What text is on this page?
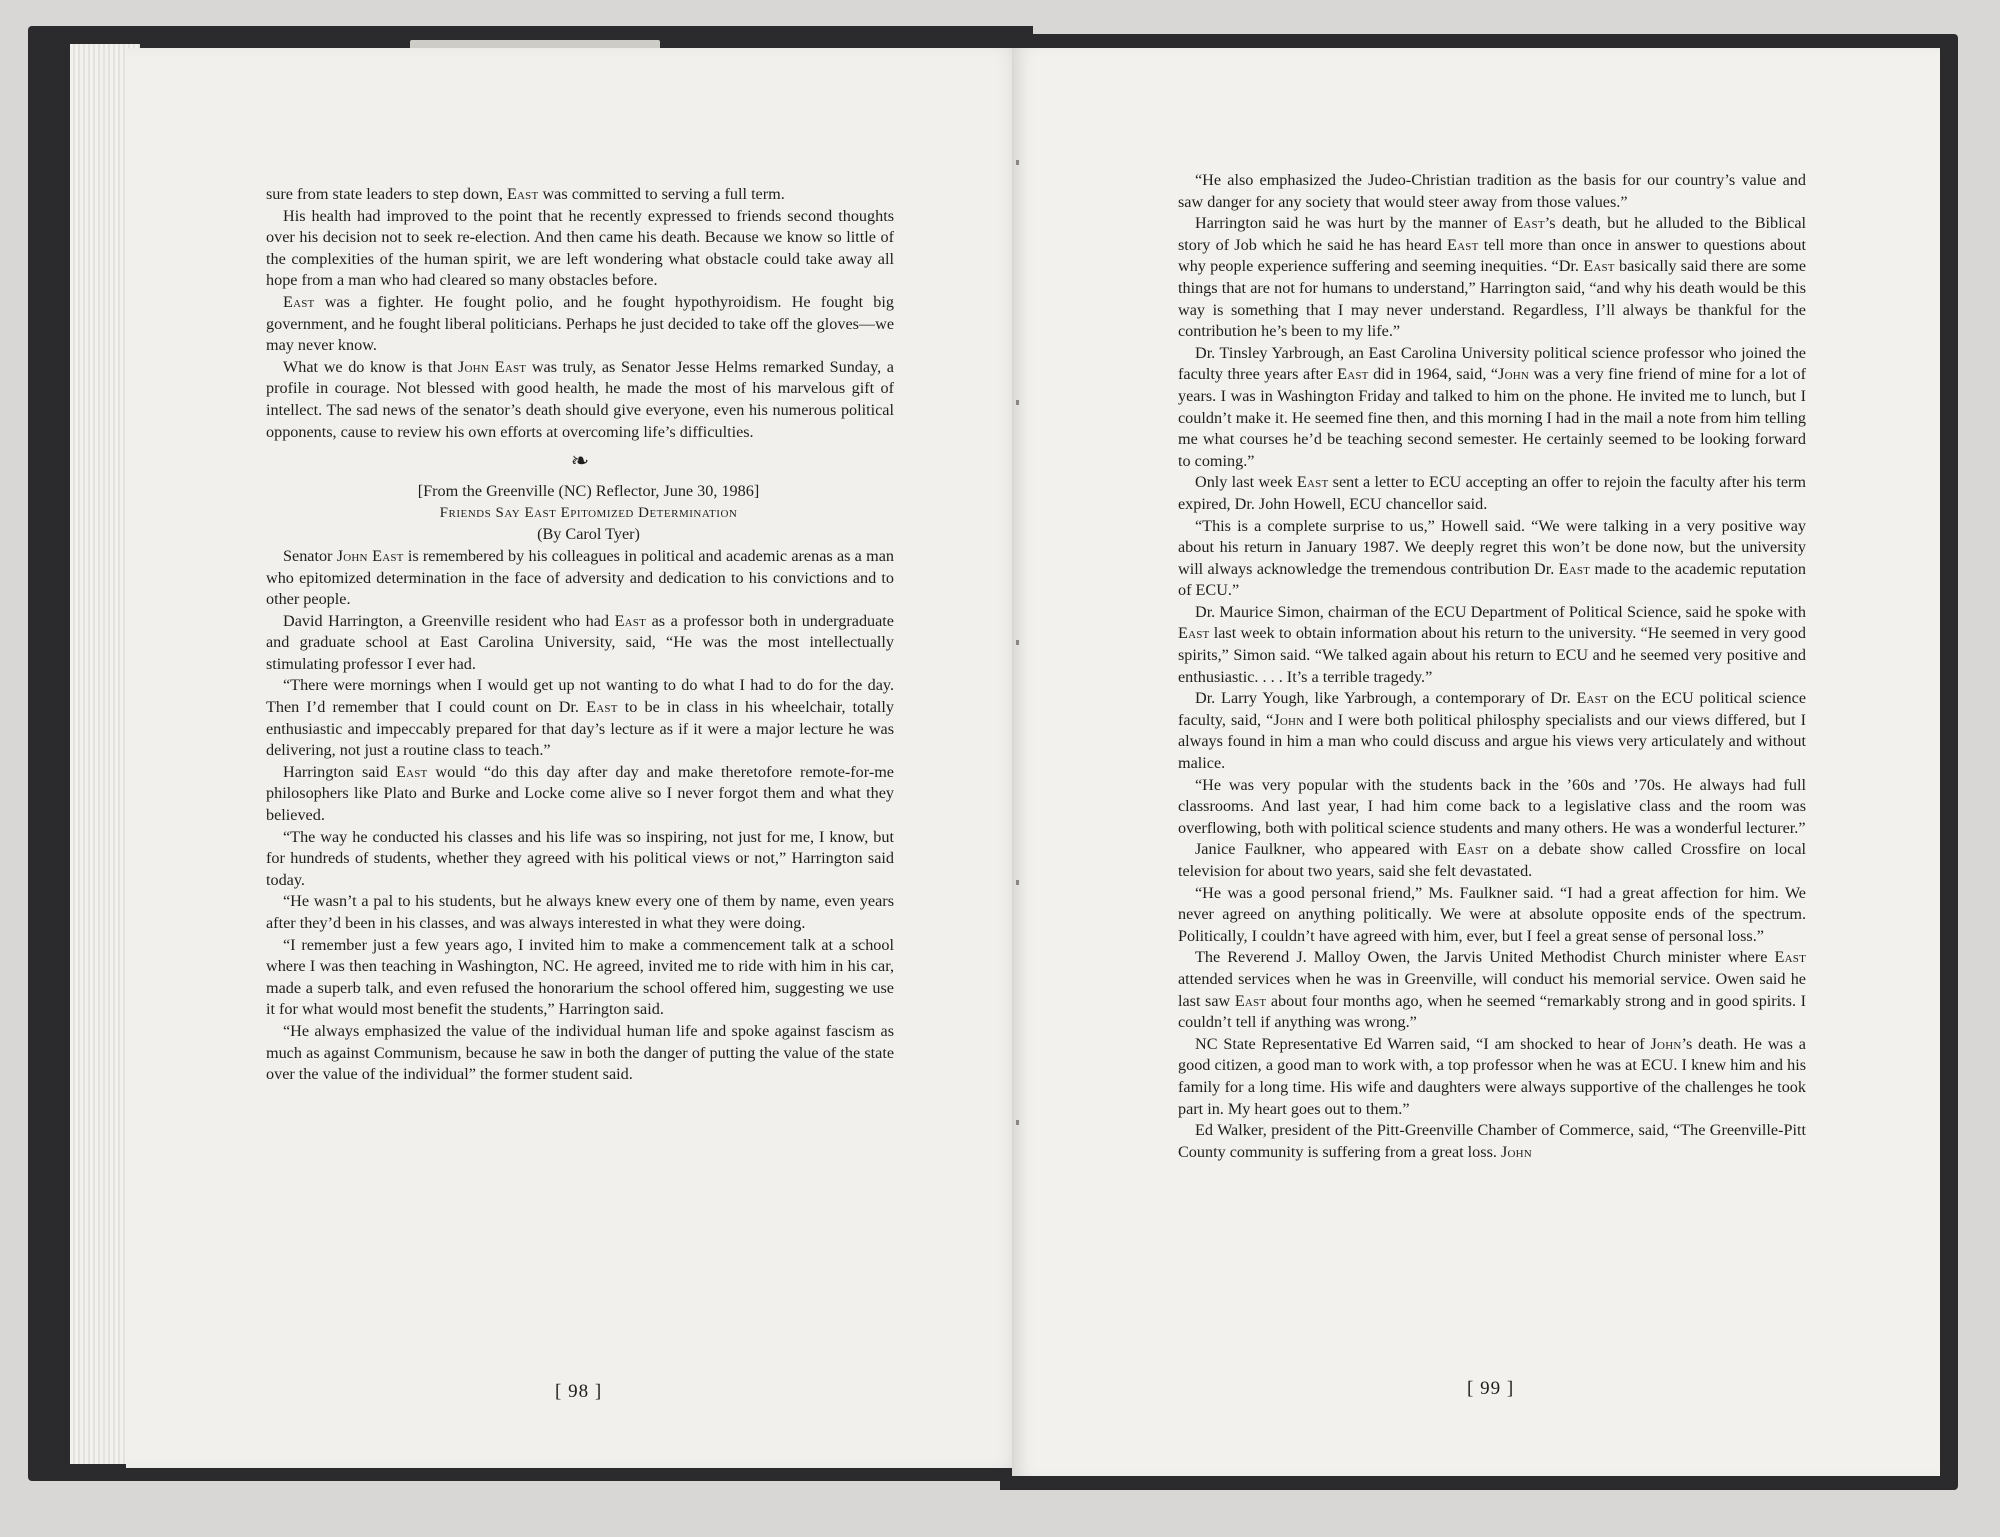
sure from state leaders to step down, East was committed to serving a full term.

His health had improved to the point that he recently expressed to friends second thoughts over his decision not to seek re-election. And then came his death. Because we know so little of the complexities of the human spirit, we are left wondering what obstacle could take away all hope from a man who had cleared so many obstacles before.

East was a fighter. He fought polio, and he fought hypothyroidism. He fought big government, and he fought liberal politicians. Perhaps he just decided to take off the gloves—we may never know.

What we do know is that John East was truly, as Senator Jesse Helms remarked Sunday, a profile in courage. Not blessed with good health, he made the most of his marvelous gift of intellect. The sad news of the senator’s death should give everyone, even his numerous political opponents, cause to review his own efforts at overcoming life’s difficulties.

❧

[From the Greenville (NC) Reflector, June 30, 1986]

Friends Say East Epitomized Determination

(By Carol Tyer)

Senator John East is remembered by his colleagues in political and academic arenas as a man who epitomized determination in the face of adversity and dedication to his convictions and to other people.

David Harrington, a Greenville resident who had East as a professor both in undergraduate and graduate school at East Carolina University, said, “He was the most intellectually stimulating professor I ever had.

“There were mornings when I would get up not wanting to do what I had to do for the day. Then I’d remember that I could count on Dr. East to be in class in his wheelchair, totally enthusiastic and impeccably prepared for that day’s lecture as if it were a major lecture he was delivering, not just a routine class to teach.”

Harrington said East would “do this day after day and make theretofore remote-for-me philosophers like Plato and Burke and Locke come alive so I never forgot them and what they believed.

“The way he conducted his classes and his life was so inspiring, not just for me, I know, but for hundreds of students, whether they agreed with his political views or not,” Harrington said today.

“He wasn’t a pal to his students, but he always knew every one of them by name, even years after they’d been in his classes, and was always interested in what they were doing.

“I remember just a few years ago, I invited him to make a commencement talk at a school where I was then teaching in Washington, NC. He agreed, invited me to ride with him in his car, made a superb talk, and even refused the honorarium the school offered him, suggesting we use it for what would most benefit the students,” Harrington said.

“He always emphasized the value of the individual human life and spoke against fascism as much as against Communism, because he saw in both the danger of putting the value of the state over the value of the individual” the former student said.

“He also emphasized the Judeo-Christian tradition as the basis for our country’s value and saw danger for any society that would steer away from those values.”

Harrington said he was hurt by the manner of East’s death, but he alluded to the Biblical story of Job which he said he has heard East tell more than once in answer to questions about why people experience suffering and seeming inequities. “Dr. East basically said there are some things that are not for humans to understand,” Harrington said, “and why his death would be this way is something that I may never understand. Regardless, I’ll always be thankful for the contribution he’s been to my life.”

Dr. Tinsley Yarbrough, an East Carolina University political science professor who joined the faculty three years after East did in 1964, said, “John was a very fine friend of mine for a lot of years. I was in Washington Friday and talked to him on the phone. He invited me to lunch, but I couldn’t make it. He seemed fine then, and this morning I had in the mail a note from him telling me what courses he’d be teaching second semester. He certainly seemed to be looking forward to coming.”

Only last week East sent a letter to ECU accepting an offer to rejoin the faculty after his term expired, Dr. John Howell, ECU chancellor said.

“This is a complete surprise to us,” Howell said. “We were talking in a very positive way about his return in January 1987. We deeply regret this won’t be done now, but the university will always acknowledge the tremendous contribution Dr. East made to the academic reputation of ECU.”

Dr. Maurice Simon, chairman of the ECU Department of Political Science, said he spoke with East last week to obtain information about his return to the university. “He seemed in very good spirits,” Simon said. “We talked again about his return to ECU and he seemed very positive and enthusiastic. . . . It’s a terrible tragedy.”

Dr. Larry Yough, like Yarbrough, a contemporary of Dr. East on the ECU political science faculty, said, “John and I were both political philosphy specialists and our views differed, but I always found in him a man who could discuss and argue his views very articulately and without malice.

“He was very popular with the students back in the ’60s and ’70s. He always had full classrooms. And last year, I had him come back to a legislative class and the room was overflowing, both with political science students and many others. He was a wonderful lecturer.”

Janice Faulkner, who appeared with East on a debate show called Crossfire on local television for about two years, said she felt devastated.

“He was a good personal friend,” Ms. Faulkner said. “I had a great affection for him. We never agreed on anything politically. We were at absolute opposite ends of the spectrum. Politically, I couldn’t have agreed with him, ever, but I feel a great sense of personal loss.”

The Reverend J. Malloy Owen, the Jarvis United Methodist Church minister where East attended services when he was in Greenville, will conduct his memorial service. Owen said he last saw East about four months ago, when he seemed “remarkably strong and in good spirits. I couldn’t tell if anything was wrong.”

NC State Representative Ed Warren said, “I am shocked to hear of John’s death. He was a good citizen, a good man to work with, a top professor when he was at ECU. I knew him and his family for a long time. His wife and daughters were always supportive of the challenges he took part in. My heart goes out to them.”

Ed Walker, president of the Pitt-Greenville Chamber of Commerce, said, “The Greenville-Pitt County community is suffering from a great loss. John

[ 98 ]	[ 99 ]
